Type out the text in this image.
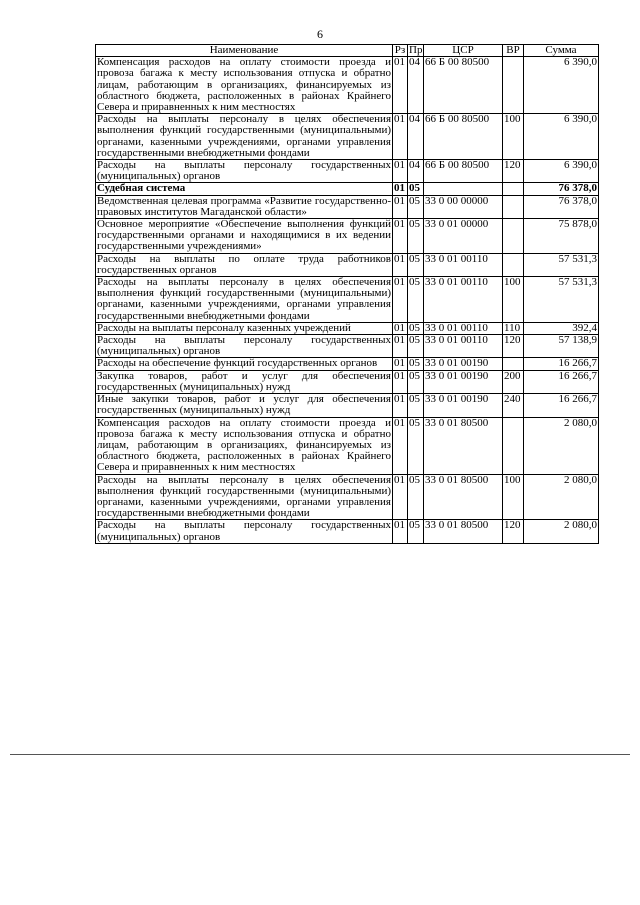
6
Наименование	Рз	Пр	ЦСР	ВР	Сумма
Компенсация расходов на оплату стоимости проезда и провоза багажа к месту использования отпуска и обратно лицам, работающим в организациях, финансируемых из областного бюджета, расположенных в районах Крайнего Севера и приравненных к ним местностях	01	04	66 Б 00 80500		6 390,0
Расходы на выплаты персоналу в целях обеспечения выполнения функций государственными (муниципальными) органами, казенными учреждениями, органами управления государственными внебюджетными фондами	01	04	66 Б 00 80500	100	6 390,0
Расходы на выплаты персоналу государственных (муниципальных) органов	01	04	66 Б 00 80500	120	6 390,0
Судебная система	01	05			76 378,0
Ведомственная целевая программа «Развитие государственно-правовых институтов Магаданской области»	01	05	33 0 00 00000		76 378,0
Основное мероприятие «Обеспечение выполнения функций государственными органами и находящимися в их ведении государственными учреждениями»	01	05	33 0 01 00000		75 878,0
Расходы на выплаты по оплате труда работников государственных органов	01	05	33 0 01 00110		57 531,3
Расходы на выплаты персоналу в целях обеспечения выполнения функций государственными (муниципальными) органами, казенными учреждениями, органами управления государственными внебюджетными фондами	01	05	33 0 01 00110	100	57 531,3
Расходы на выплаты персоналу казенных учреждений	01	05	33 0 01 00110	110	392,4
Расходы на выплаты персоналу государственных (муниципальных) органов	01	05	33 0 01 00110	120	57 138,9
Расходы на обеспечение функций государственных органов	01	05	33 0 01 00190		16 266,7
Закупка товаров, работ и услуг для обеспечения государственных (муниципальных) нужд	01	05	33 0 01 00190	200	16 266,7
Иные закупки товаров, работ и услуг для обеспечения государственных (муниципальных) нужд	01	05	33 0 01 00190	240	16 266,7
Компенсация расходов на оплату стоимости проезда и провоза багажа к месту использования отпуска и обратно лицам, работающим в организациях, финансируемых из областного бюджета, расположенных в районах Крайнего Севера и приравненных к ним местностях	01	05	33 0 01 80500		2 080,0
Расходы на выплаты персоналу в целях обеспечения выполнения функций государственными (муниципальными) органами, казенными учреждениями, органами управления государственными внебюджетными фондами	01	05	33 0 01 80500	100	2 080,0
Расходы на выплаты персоналу государственных (муниципальных) органов	01	05	33 0 01 80500	120	2 080,0
